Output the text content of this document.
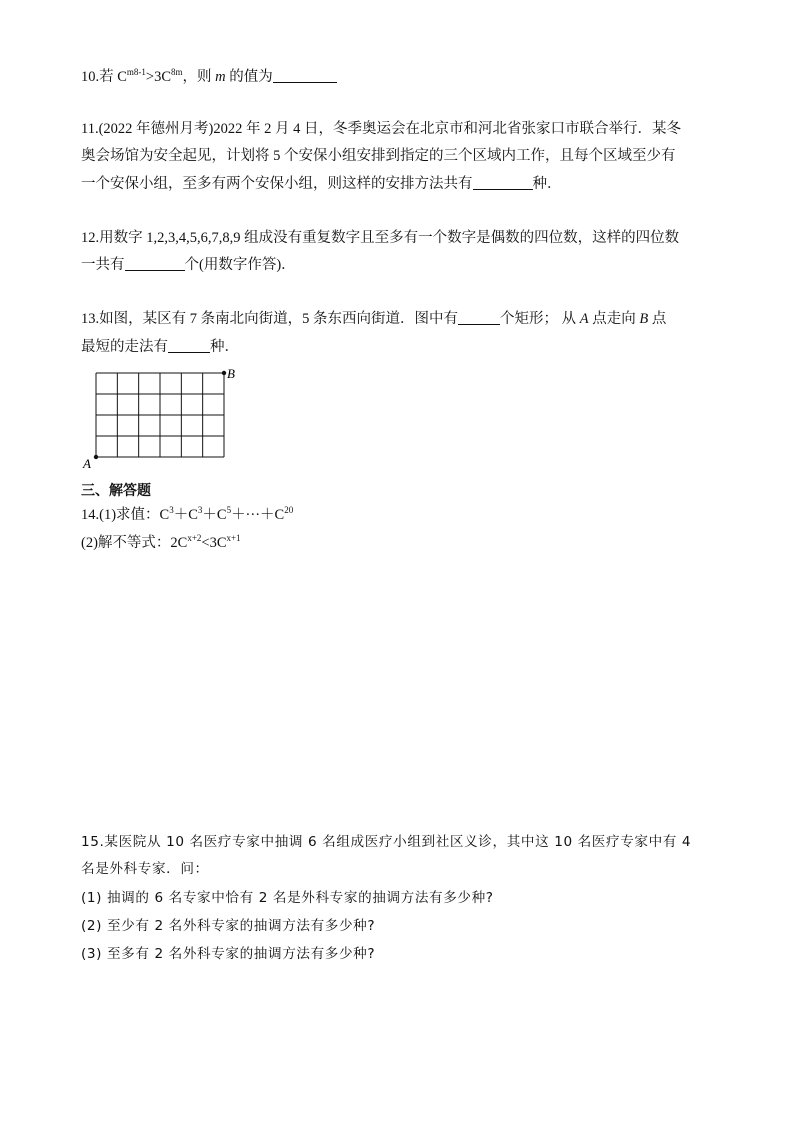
10.若 $C^{m8-1}>3C^{8m}$，则 m 的值为
11.(2022 年德州月考)2022 年 2 月 4 日，冬季奥运会在北京市和河北省张家口市联合举行．某冬
奥会场馆为安全起见，计划将 5 个安保小组安排到指定的三个区域内工作，且每个区域至少有
一个安保小组，至多有两个安保小组，则这样的安排方法共有	种．
12.用数字 1,2,3,4,5,6,7,8,9 组成没有重复数字且至多有一个数字是偶数的四位数，这样的四位数
一共有	个(用数字作答)．
13.如图，某区有 7 条南北向街道，5 条东西向街道．图中有	个矩形； 从 A 点走向 B 点
最短的走法有	种．
A
B
三、解答题
14.(1)求值：$C^3+C^3+C^5+\cdot\cdot\cdot+C^{20}$
(2)解不等式：$2C^{x+2}<3C^{x+1}$
15.某医院从 10 名医疗专家中抽调 6 名组成医疗小组到社区义诊，其中这 10 名医疗专家中有 4
名是外科专家．问：
(1) 抽调的 6 名专家中恰有 2 名是外科专家的抽调方法有多少种?
(2) 至少有 2 名外科专家的抽调方法有多少种?
(3) 至多有 2 名外科专家的抽调方法有多少种?
